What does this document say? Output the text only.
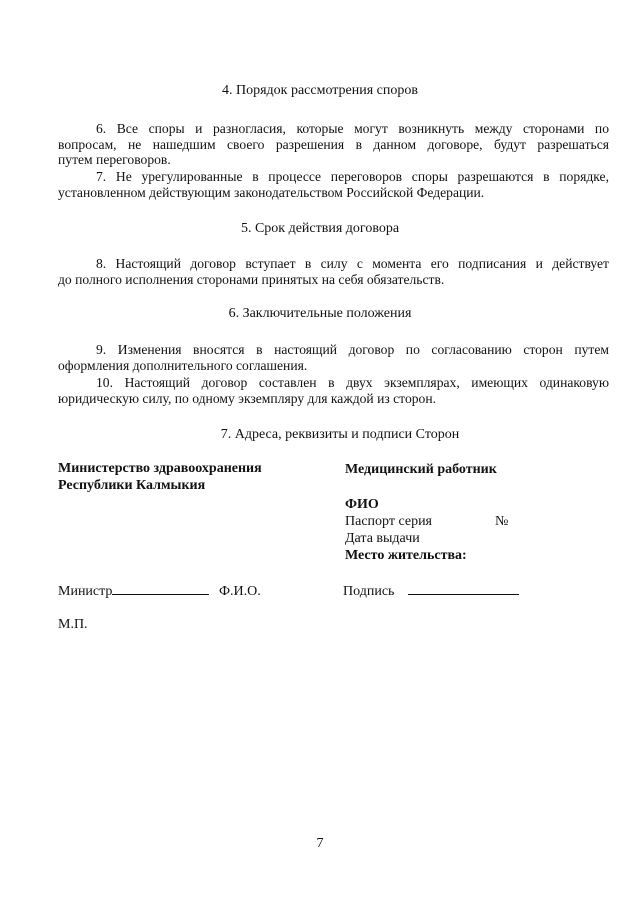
4. Порядок рассмотрения споров
6. Все споры и разногласия, которые могут возникнуть между сторонами по
вопросам, не нашедшим своего разрешения в данном договоре, будут разрешаться
путем переговоров.
7. Не урегулированные в процессе переговоров споры разрешаются в порядке,
установленном действующим законодательством Российской Федерации.
5. Срок действия договора
8. Настоящий договор вступает в силу с момента его подписания и действует
до полного исполнения сторонами принятых на себя обязательств.
6. Заключительные положения
9. Изменения вносятся в настоящий договор по согласованию сторон путем
оформления дополнительного соглашения.
10. Настоящий договор составлен в двух экземплярах, имеющих одинаковую
юридическую силу, по одному экземпляру для каждой из сторон.
7. Адреса, реквизиты и подписи Сторон
Министерство здравоохранения
Республики Калмыкия
Медицинский работник
ФИО
Паспорт серия	№
Дата выдачи
Место жительства:
Министр	Ф.И.О.	Подпись
М.П.
7
